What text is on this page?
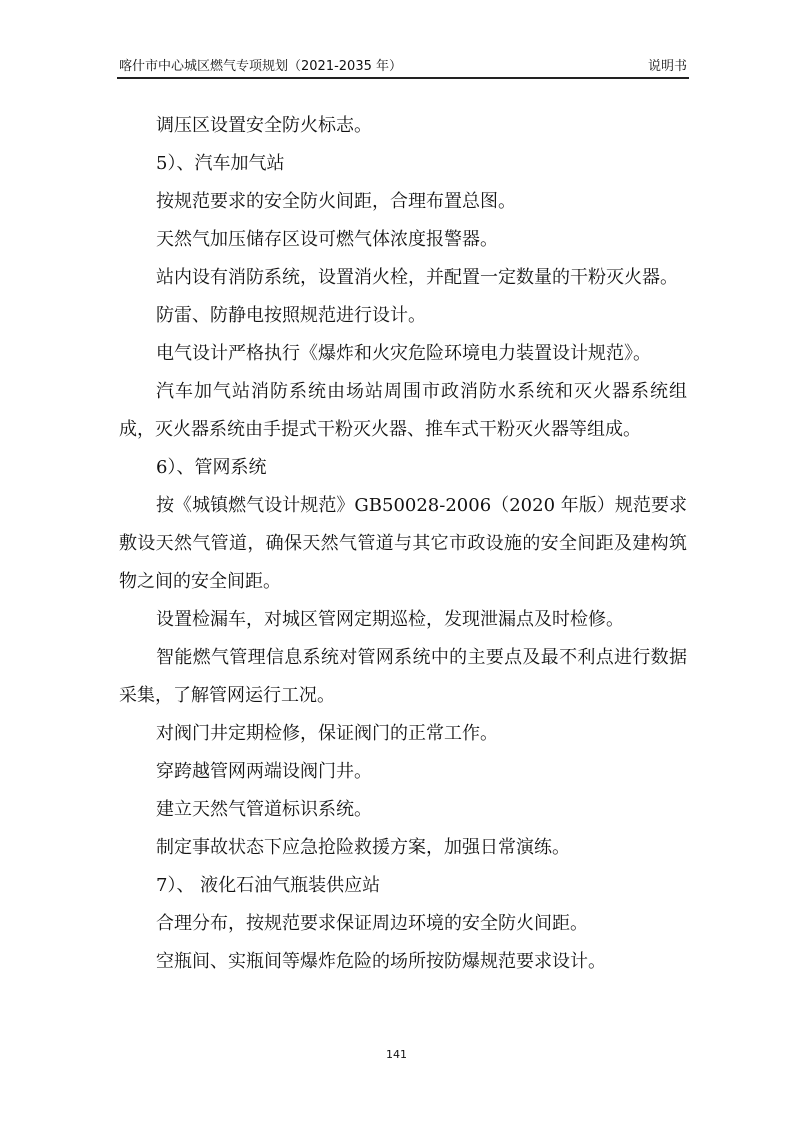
喀什市中心城区燃气专项规划（2021-2035 年）	说明书

调压区设置安全防火标志。

5）、汽车加气站

按规范要求的安全防火间距，合理布置总图。

天然气加压储存区设可燃气体浓度报警器。

站内设有消防系统，设置消火栓，并配置一定数量的干粉灭火器。

防雷、防静电按照规范进行设计。

电气设计严格执行《爆炸和火灾危险环境电力装置设计规范》。

汽车加气站消防系统由场站周围市政消防水系统和灭火器系统组成，灭火器系统由手提式干粉灭火器、推车式干粉灭火器等组成。

6）、管网系统

按《城镇燃气设计规范》GB50028-2006（2020 年版）规范要求敷设天然气管道，确保天然气管道与其它市政设施的安全间距及建构筑物之间的安全间距。

设置检漏车，对城区管网定期巡检，发现泄漏点及时检修。

智能燃气管理信息系统对管网系统中的主要点及最不利点进行数据采集，了解管网运行工况。

对阀门井定期检修，保证阀门的正常工作。

穿跨越管网两端设阀门井。

建立天然气管道标识系统。

制定事故状态下应急抢险救援方案，加强日常演练。

7）、 液化石油气瓶装供应站

合理分布，按规范要求保证周边环境的安全防火间距。

空瓶间、实瓶间等爆炸危险的场所按防爆规范要求设计。

141
